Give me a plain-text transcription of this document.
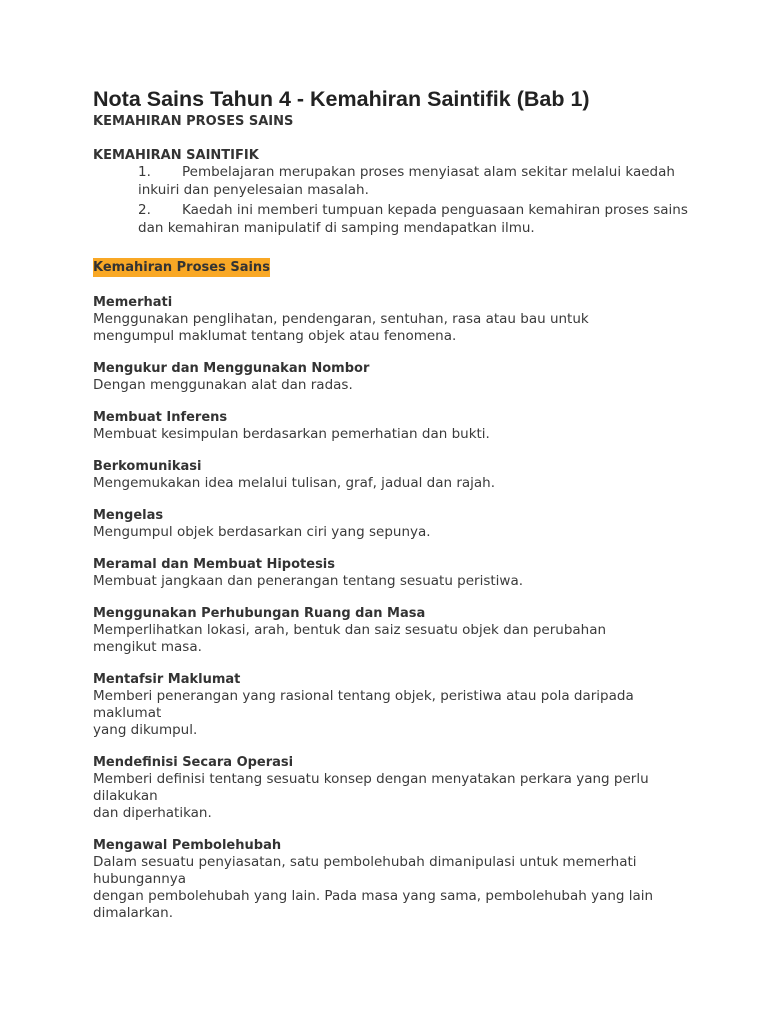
Nota Sains Tahun 4 - Kemahiran Saintifik (Bab 1)

KEMAHIRAN PROSES SAINS

KEMAHIRAN SAINTIFIK

1. Pembelajaran merupakan proses menyiasat alam sekitar melalui kaedah inkuiri dan penyelesaian masalah.
2. Kaedah ini memberi tumpuan kepada penguasaan kemahiran proses sains dan kemahiran manipulatif di samping mendapatkan ilmu.
Kemahiran Proses Sains
Memerhati
Menggunakan penglihatan, pendengaran, sentuhan, rasa atau bau untuk
mengumpul maklumat tentang objek atau fenomena.
Mengukur dan Menggunakan Nombor
Dengan menggunakan alat dan radas.
Membuat Inferens
Membuat kesimpulan berdasarkan pemerhatian dan bukti.
Berkomunikasi
Mengemukakan idea melalui tulisan, graf, jadual dan rajah.
Mengelas
Mengumpul objek berdasarkan ciri yang sepunya.
Meramal dan Membuat Hipotesis
Membuat jangkaan dan penerangan tentang sesuatu peristiwa.
Menggunakan Perhubungan Ruang dan Masa
Memperlihatkan lokasi, arah, bentuk dan saiz sesuatu objek dan perubahan
mengikut masa.
Mentafsir Maklumat
Memberi penerangan yang rasional tentang objek, peristiwa atau pola daripada
maklumat
yang dikumpul.
Mendefinisi Secara Operasi
Memberi definisi tentang sesuatu konsep dengan menyatakan perkara yang perlu
dilakukan
dan diperhatikan.
Mengawal Pembolehubah
Dalam sesuatu penyiasatan, satu pembolehubah dimanipulasi untuk memerhati
hubungannya
dengan pembolehubah yang lain. Pada masa yang sama, pembolehubah yang lain
dimalarkan.
